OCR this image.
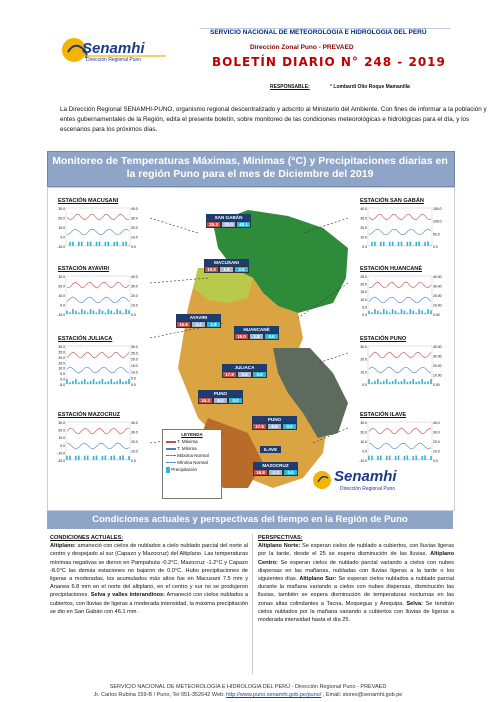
Senamhi
Dirección Regional Puno
SERVICIO NACIONAL DE METEOROLOGIA E HIDROLOGIA DEL PERÚ
Dirección Zonal Puno - PREVAED
BOLETÍN DIARIO N° 248 - 2019
RESPONSABLE:	° Lombardi Olio Roque Mamanilla
La Dirección Regional SENAMHI-PUNO, organismo regional descentralizado y adscrito al Ministerio del Ambiente. Con fines de informar a la población y entes gubernamentales de la Región, edita el presente boletín, sobre monitoreo de las condiciones meteorológicas e hidrológicas para el día, y los escenarios para los próximos días.
Monitoreo de Temperaturas Máximas, Mínimas (°C) y Precipitaciones diarias en la región Puno para el mes de Diciembre del 2019
ESTACIÓN MACUSANI
30.0
20.0
10.0
0.0
-10.0
40.0
30.0
20.0
10.0
0.0
ESTACIÓN AYAVIRI
30.0
20.0
10.0
0.0
-10.0
40.0
30.0
20.0
10.0
0.0
ESTACIÓN JULIACA
30.0
25.0
20.0
15.0
10.0
5.0
0.0
-5.0
30.0
25.0
20.0
15.0
10.0
5.0
0.0
ESTACIÓN MAZOCRUZ
30.0
20.0
10.0
0.0
-10.0
-20.0
40.0
30.0
20.0
10.0
0.0
ESTACIÓN SAN GABÁN
40.0
30.0
20.0
10.0
0.0
150.0
100.0
50.0
0.0
ESTACIÓN HUANCANÉ
25.0
20.0
15.0
10.0
5.0
0.0
40.00
30.00
20.00
10.00
0.00
ESTACIÓN PUNO
30.0
20.0
10.0
0.0
40.00
30.00
20.00
10.00
0.00
ESTACIÓN ILAVE
30.0
20.0
10.0
0.0
-10.0
40.0
30.0
20.0
10.0
0.0
SAN GABÁN
25.3	20.0	40.1
MACUSANI
10.0	1.6	2.5
AYAVIRI
15.6	3.4	1.9
HUANCANÉ
15.0	1.8	0.0
JULIACA
17.8	2.8	0.0
PUNO
16.2	6.0	0.0
PUNO
17.6	5.8	0.0
ILAVE
MAZOCRUZ
16.8	-1.2	0.0
LEYENDA
T. Máxima
T. Mínima
Máxima Normal
Mínima Normal
Precipitación	Senamhi
Dirección Regional Puno
Condiciones actuales y perspectivas del tiempo en la Región de Puno
CONDICIONES ACTUALES:
Altiplano: amaneció con cielos de nublados a cielo nublado parcial del norte al centro y despejado al sur (Capazo y Mazocruz) del Altiplano. Las temperaturas mínimas negativas se dieron en Pampahuta -0.2°C, Mazocruz -1.2°C y Capazo -8.0°C las demás estaciones no bajaron de 0.0°C. Hubo precipitaciones de ligeras a moderadas, los acumulados más altos fue en Macusani 7.5 mm y Ananea 6.8 mm en el norte del altiplano, en el centro y sur no se produjeron precipitaciones. Selva y valles interandinos: Amaneció con cielos nublados a cubiertos, con lluvias de ligeras a moderada intensidad, la máxima precipitación se dio en San Gabán con 46.1 mm.
PERSPECTIVAS:
Altiplano Norte: Se esperan cielos de nublado a cubiertos, con lluvias ligeras por la tarde, desde el 25 se espera disminución de las lluvias. Altiplano Centro: Se esperan cielos de nublado parcial variando a cielos con nubes dispersas en las mañanas, nubladas con lluvias ligeras a la tarde o los siguientes días. Altiplano Sur: Se esperan cielos nublados a nublado parcial durante la mañana variando a cielos con nubes dispersas, disminución las lluvias, también se espera disminución de temperaturas nocturnas en las zonas altas colindantes a Tacna, Moquegua y Arequipa. Selva: Se tendrán cielos nublados por la mañana variando a cubiertos con lluvias de ligeras a moderada intensidad hasta el día 25.
SERVICIO NACIONAL DE METEOROLOGIA E HIDROLOGIA DEL PERÚ - Dirección Regional Puno - PREVAED
Jr. Carlos Rubina 159-B / Puno, Tel 051-352642 Web: http://www.puno.senamhi.gob.pe/puno/ , Email: stores@senamhi.gob.pe
